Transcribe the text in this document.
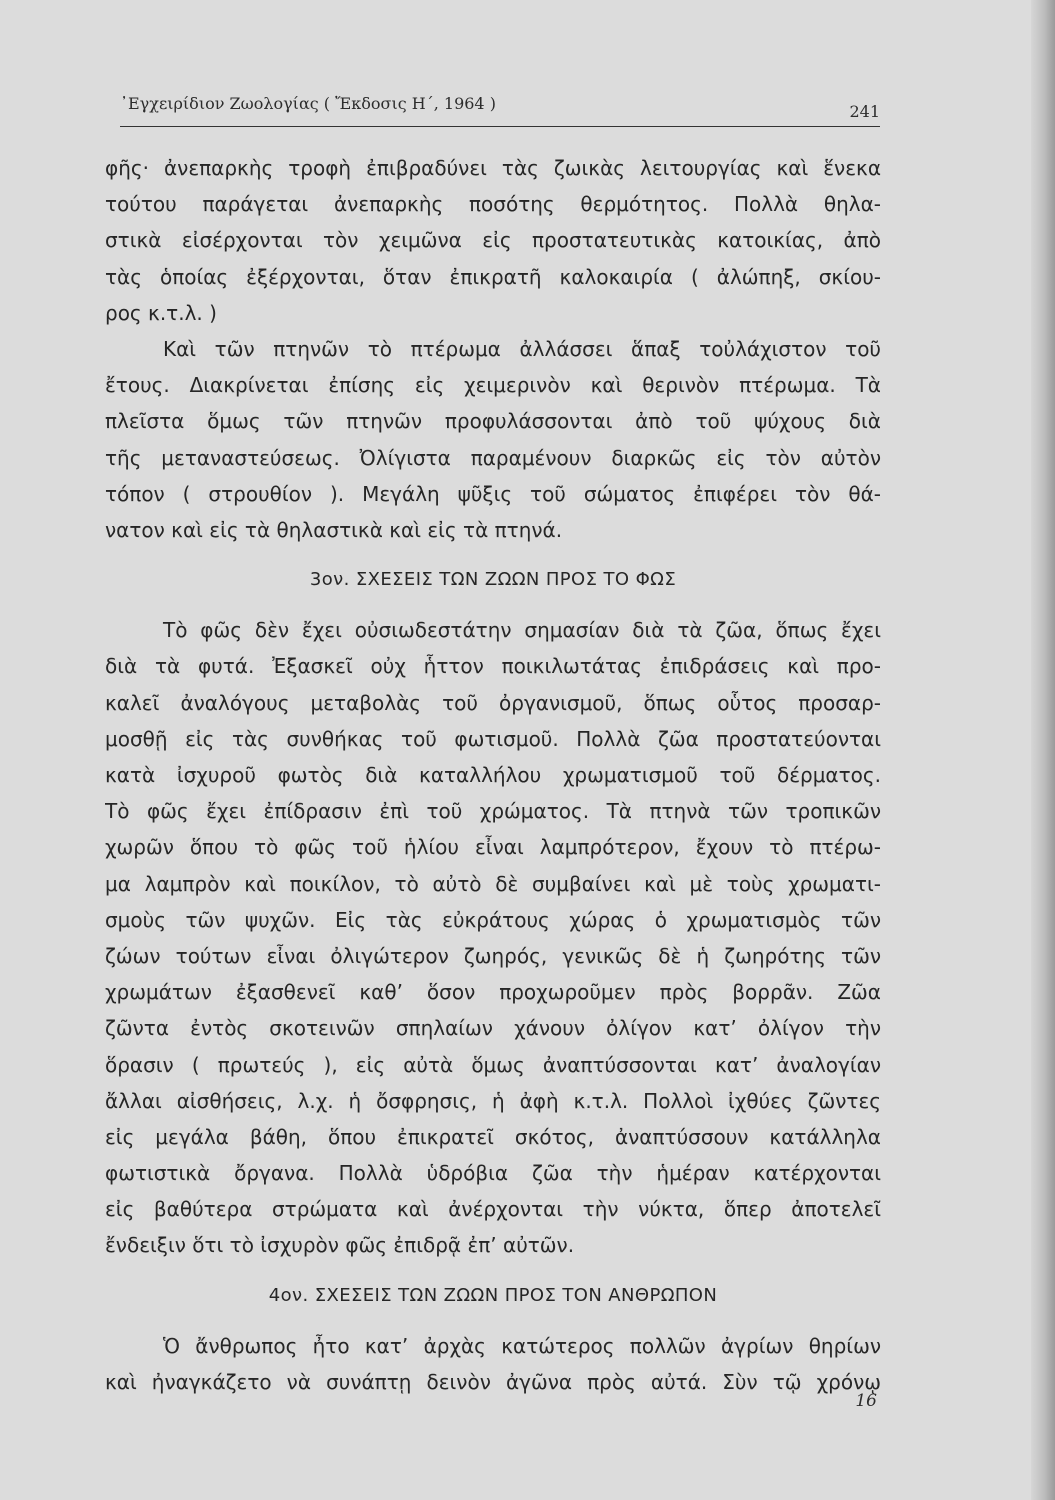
᾿Εγχειρίδιον Ζωολογίας ( Ἔκδοσις Η΄, 1964 )	241
φῆς· ἀνεπαρκὴς τροφὴ ἐπιβραδύνει τὰς ζωικὰς λειτουργίας καὶ ἕνεκα
τούτου παράγεται ἀνεπαρκὴς ποσότης θερμότητος. Πολλὰ θηλα-
στικὰ εἰσέρχονται τὸν χειμῶνα εἰς προστατευτικὰς κατοικίας, ἀπὸ
τὰς ὁποίας ἐξέρχονται, ὅταν ἐπικρατῆ καλοκαιρία ( ἀλώπηξ, σκίου-
ρος κ.τ.λ. )
Καὶ τῶν πτηνῶν τὸ πτέρωμα ἀλλάσσει ἅπαξ τοὐλάχιστον τοῦ
ἔτους. Διακρίνεται ἐπίσης εἰς χειμερινὸν καὶ θερινὸν πτέρωμα. Τὰ
πλεῖστα ὅμως τῶν πτηνῶν προφυλάσσονται ἀπὸ τοῦ ψύχους διὰ
τῆς μεταναστεύσεως. Ὀλίγιστα παραμένουν διαρκῶς εἰς τὸν αὐτὸν
τόπον ( στρουθίον ). Μεγάλη ψῦξις τοῦ σώματος ἐπιφέρει τὸν θά-
νατον καὶ εἰς τὰ θηλαστικὰ καὶ εἰς τὰ πτηνά.
3ον. ΣΧΕΣΕΙΣ ΤΩΝ ΖΩΩΝ ΠΡΟΣ ΤΟ ΦΩΣ
Τὸ φῶς δὲν ἔχει οὐσιωδεστάτην σημασίαν διὰ τὰ ζῶα, ὅπως ἔχει
διὰ τὰ φυτά. Ἐξασκεῖ οὐχ ἧττον ποικιλωτάτας ἐπιδράσεις καὶ προ-
καλεῖ ἀναλόγους μεταβολὰς τοῦ ὀργανισμοῦ, ὅπως οὗτος προσαρ-
μοσθῇ εἰς τὰς συνθήκας τοῦ φωτισμοῦ. Πολλὰ ζῶα προστατεύονται
κατὰ ἰσχυροῦ φωτὸς διὰ καταλλήλου χρωματισμοῦ τοῦ δέρματος.
Τὸ φῶς ἔχει ἐπίδρασιν ἐπὶ τοῦ χρώματος. Τὰ πτηνὰ τῶν τροπικῶν
χωρῶν ὅπου τὸ φῶς τοῦ ἡλίου εἶναι λαμπρότερον, ἔχουν τὸ πτέρω-
μα λαμπρὸν καὶ ποικίλον, τὸ αὐτὸ δὲ συμβαίνει καὶ μὲ τοὺς χρωματι-
σμοὺς τῶν ψυχῶν. Εἰς τὰς εὐκράτους χώρας ὁ χρωματισμὸς τῶν
ζώων τούτων εἶναι ὀλιγώτερον ζωηρός, γενικῶς δὲ ἡ ζωηρότης τῶν
χρωμάτων ἐξασθενεῖ καθ’ ὅσον προχωροῦμεν πρὸς βορρᾶν. Ζῶα
ζῶντα ἐντὸς σκοτεινῶν σπηλαίων χάνουν ὀλίγον κατ’ ὀλίγον τὴν
ὅρασιν ( πρωτεύς ), εἰς αὐτὰ ὅμως ἀναπτύσσονται κατ’ ἀναλογίαν
ἄλλαι αἰσθήσεις, λ.χ. ἡ ὄσφρησις, ἡ ἀφὴ κ.τ.λ. Πολλοὶ ἰχθύες ζῶντες
εἰς μεγάλα βάθη, ὅπου ἐπικρατεῖ σκότος, ἀναπτύσσουν κατάλληλα
φωτιστικὰ ὄργανα. Πολλὰ ὑδρόβια ζῶα τὴν ἡμέραν κατέρχονται
εἰς βαθύτερα στρώματα καὶ ἀνέρχονται τὴν νύκτα, ὅπερ ἀποτελεῖ
ἔνδειξιν ὅτι τὸ ἰσχυρὸν φῶς ἐπιδρᾷ ἐπ’ αὐτῶν.
4ον. ΣΧΕΣΕΙΣ ΤΩΝ ΖΩΩΝ ΠΡΟΣ ΤΟΝ ΑΝΘΡΩΠΟΝ
Ὁ ἄνθρωπος ἦτο κατ’ ἀρχὰς κατώτερος πολλῶν ἀγρίων θηρίων
καὶ ἠναγκάζετο νὰ συνάπτῃ δεινὸν ἀγῶνα πρὸς αὐτά. Σὺν τῷ χρόνῳ
16
